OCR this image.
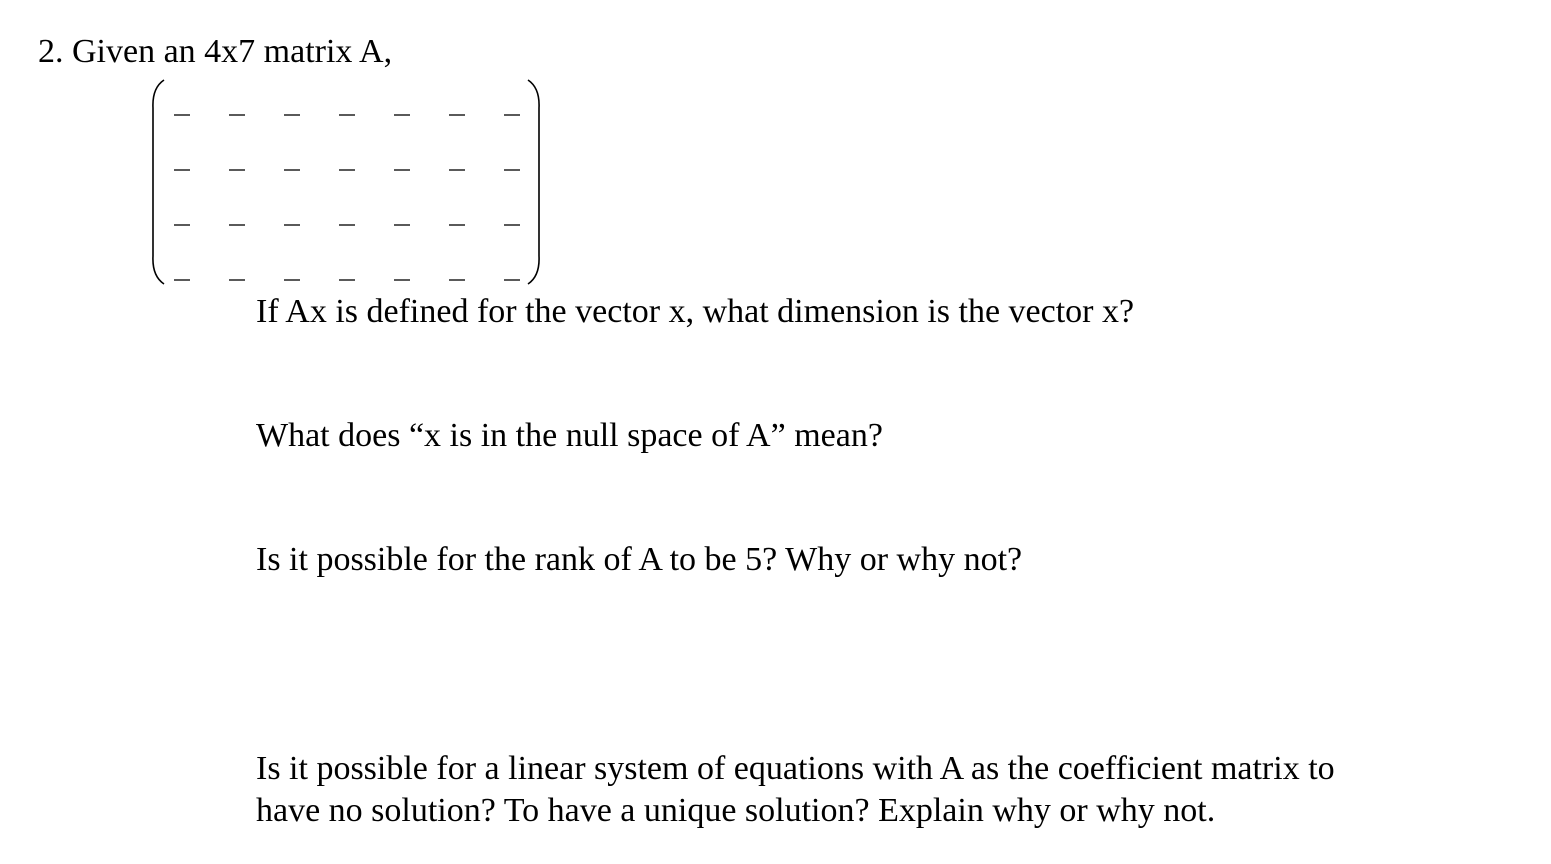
2. Given an 4x7 matrix A,
If Ax is defined for the vector x, what dimension is the vector x?
What does “x is in the null space of A” mean?
Is it possible for the rank of A to be 5? Why or why not?
Is it possible for a linear system of equations with A as the coefficient matrix to
have no solution? To have a unique solution? Explain why or why not.
